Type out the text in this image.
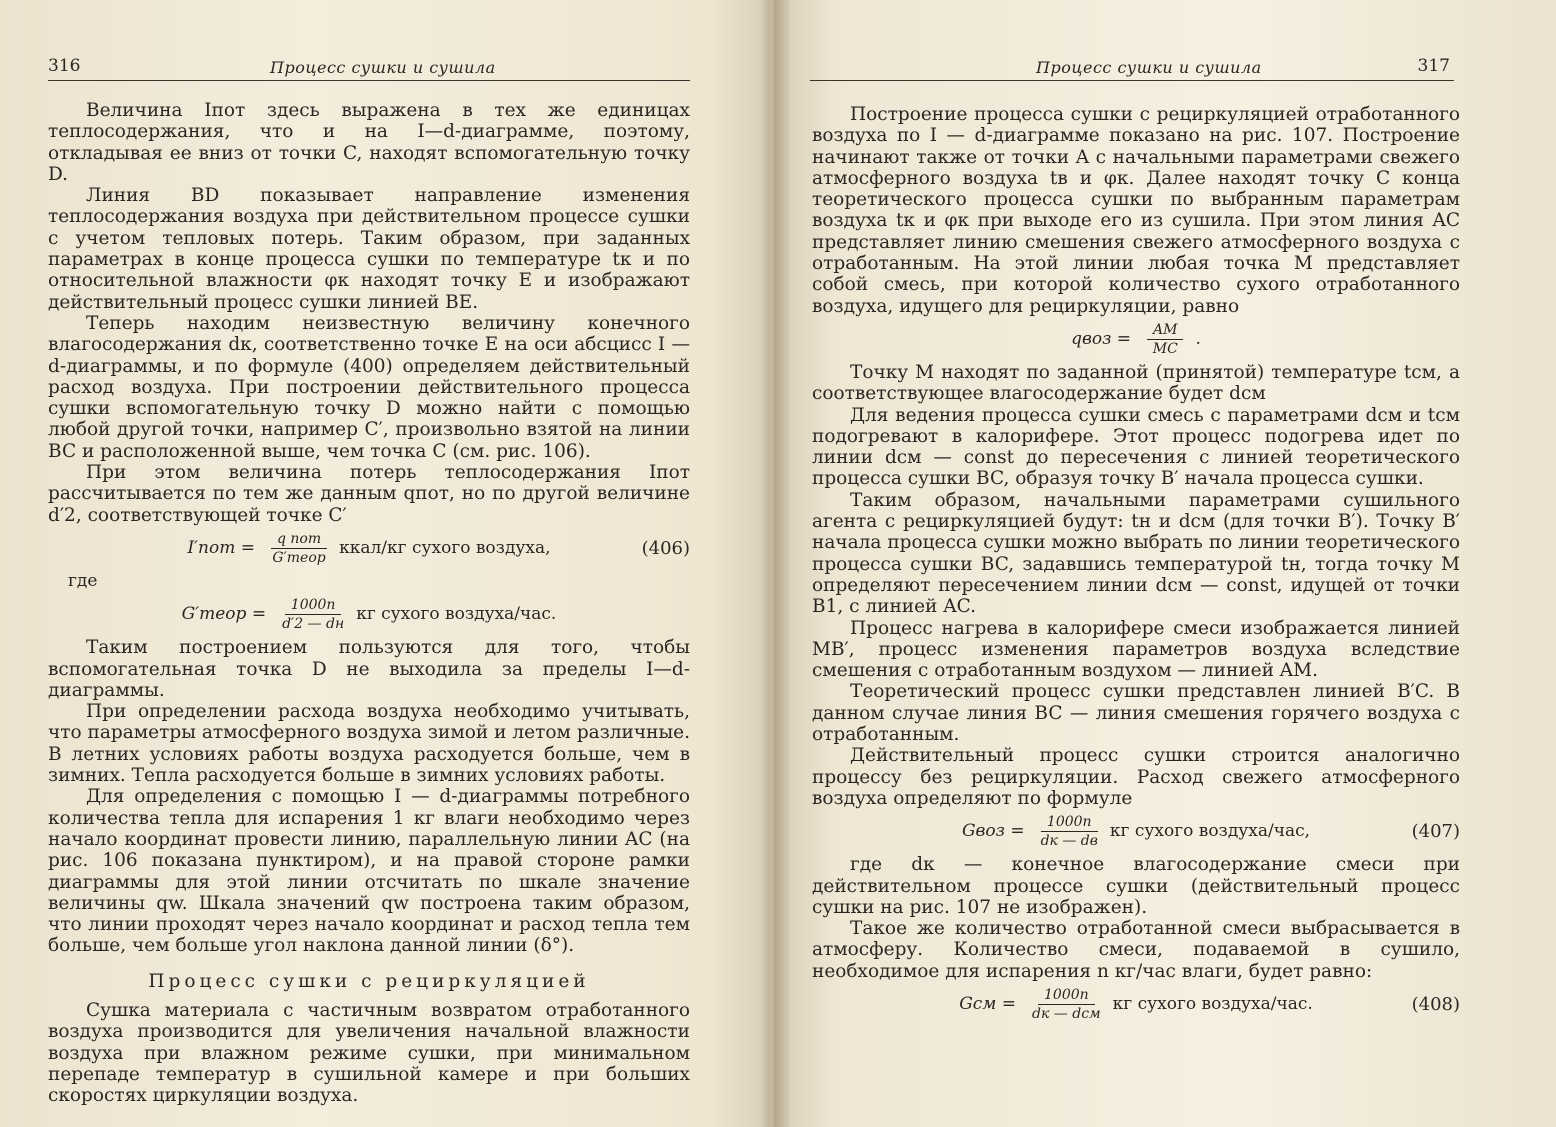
316	Процесс сушки и сушила

Величина Iпот здесь выражена в тех же единицах теплосодержания, что и на I—d-диаграмме, поэтому, откладывая ее вниз от точки C, находят вспомогательную точку D.

Линия BD показывает направление изменения теплосодержания воздуха при действительном процессе сушки с учетом тепловых потерь. Таким образом, при заданных параметрах в конце процесса сушки по температуре tк и по относительной влажности φк находят точку E и изображают действительный процесс сушки линией BE.

Теперь находим неизвестную величину конечного влагосодержания dк, соответственно точке E на оси абсцисс I — d-диаграммы, и по формуле (400) определяем действительный расход воздуха. При построении действительного процесса сушки вспомогательную точку D можно найти с помощью любой другой точки, например C′, произвольно взятой на линии BC и расположенной выше, чем точка C (см. рис. 106).

При этом величина потерь теплосодержания Iпот рассчитывается по тем же данным qпот, но по другой величине d′2, соответствующей точке C′

$I'пот = \frac{\text{q пот}}{\text{G′теор}}$ ккал/кг сухого воздуха,	(406)
где
G′теор = $\frac{1000n}{d'2 — dн}$ кг сухого воздуха/час.

Таким построением пользуются для того, чтобы вспомогательная точка D не выходила за пределы I—d-диаграммы.

При определении расхода воздуха необходимо учитывать, что параметры атмосферного воздуха зимой и летом различные. В летних условиях работы воздуха расходуется больше, чем в зимних. Тепла расходуется больше в зимних условиях работы.

Для определения с помощью I — d-диаграммы потребного количества тепла для испарения 1 кг влаги необходимо через начало координат провести линию, параллельную линии AC (на рис. 106 показана пунктиром), и на правой стороне рамки диаграммы для этой линии отсчитать по шкале значение величины qw. Шкала значений qw построена таким образом, что линии проходят через начало координат и расход тепла тем больше, чем больше угол наклона данной линии (δ°).

Процесс сушки с рециркуляцией

Сушка материала с частичным возвратом отработанного воздуха производится для увеличения начальной влажности воздуха при влажном режиме сушки, при минимальном перепаде температур в сушильной камере и при больших скоростях циркуляции воздуха.

Процесс сушки и сушила	317

Построение процесса сушки с рециркуляцией отработанного воздуха по I — d-диаграмме показано на рис. 107. Построение начинают также от точки A с начальными параметрами свежего атмосферного воздуха tв и φк. Далее находят точку C конца теоретического процесса сушки по выбранным параметрам воздуха tк и φк при выходе его из сушила. При этом линия AC представляет линию смешения свежего атмосферного воздуха с отработанным. На этой линии любая точка M представляет собой смесь, при которой количество сухого отработанного воздуха, идущего для рециркуляции, равно

qвоз = $\frac{AM}{MC}$ .

Точку M находят по заданной (принятой) температуре tсм, а соответствующее влагосодержание будет dсм

Для ведения процесса сушки смесь с параметрами dсм и tсм подогревают в калорифере. Этот процесс подогрева идет по линии dсм — const до пересечения с линией теоретического процесса сушки BC, образуя точку B′ начала процесса сушки.

Таким образом, начальными параметрами сушильного агента с рециркуляцией будут: tн и dсм (для точки B′). Точку B′ начала процесса сушки можно выбрать по линии теоретического процесса сушки BC, задавшись температурой tн, тогда точку M определяют пересечением линии dсм — const, идущей от точки B1, с линией AC.

Процесс нагрева в калорифере смеси изображается линией MB′, процесс изменения параметров воздуха вследствие смешения с отработанным воздухом — линией AM.

Теоретический процесс сушки представлен линией B′C. В данном случае линия BC — линия смешения горячего воздуха с отработанным.

Действительный процесс сушки строится аналогично процессу без рециркуляции. Расход свежего атмосферного воздуха определяют по формуле

Gвоз = $\frac{1000n}{dк — dв}$ кг сухого воздуха/час,	(407)

где dк — конечное влагосодержание смеси при действительном процессе сушки (действительный процесс сушки на рис. 107 не изображен).

Такое же количество отработанной смеси выбрасывается в атмосферу. Количество смеси, подаваемой в сушило, необходимое для испарения n кг/час влаги, будет равно:

Gсм = $\frac{1000n}{\text{dк — dсм}}$ кг сухого воздуха/час.	(408)
